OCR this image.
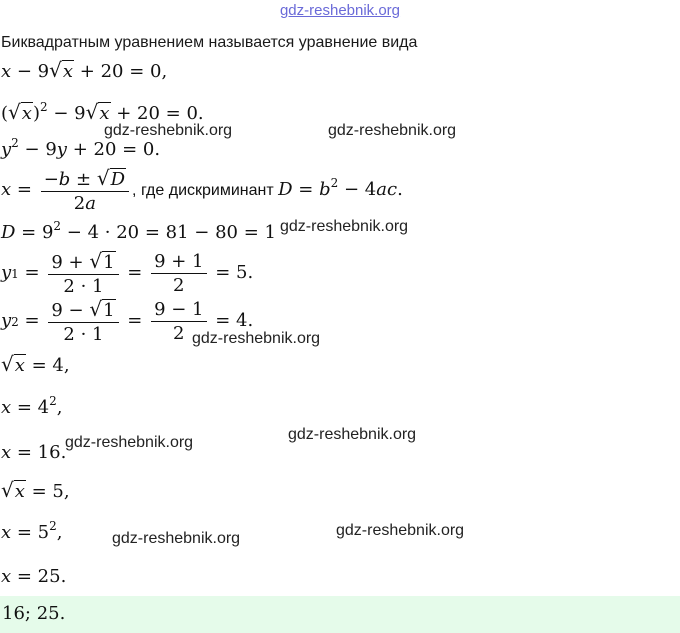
gdz-reshebnik.org
Биквадратным уравнением называется уравнение вида
x − 9√x + 20 = 0,
$(√x)^2 - 9√x + 20 = 0$.
$y^2 - 9y + 20 = 0$.
$x = \frac{-b \pm √D}{2a}$ , где дискриминант $D = b^2 - 4ac$.
$D = 9^2 - 4 \cdot 20 = 81 - 80 = 1$
$y1 = \frac{9 + √1}{2 \cdot 1} = \frac{9 + 1}{2} = 5$.
$y2 = \frac{9 - √1}{2 \cdot 1} = \frac{9 - 1}{2} = 4$.
√x = 4,
$x = 4^2$,
x = 16.
√x = 5,
$x = 5^2$,
x = 25.
16; 25.
gdz-reshebnik.org	gdz-reshebnik.org
gdz-reshebnik.org
gdz-reshebnik.org
gdz-reshebnik.org	gdz-reshebnik.org
gdz-reshebnik.org	gdz-reshebnik.org
